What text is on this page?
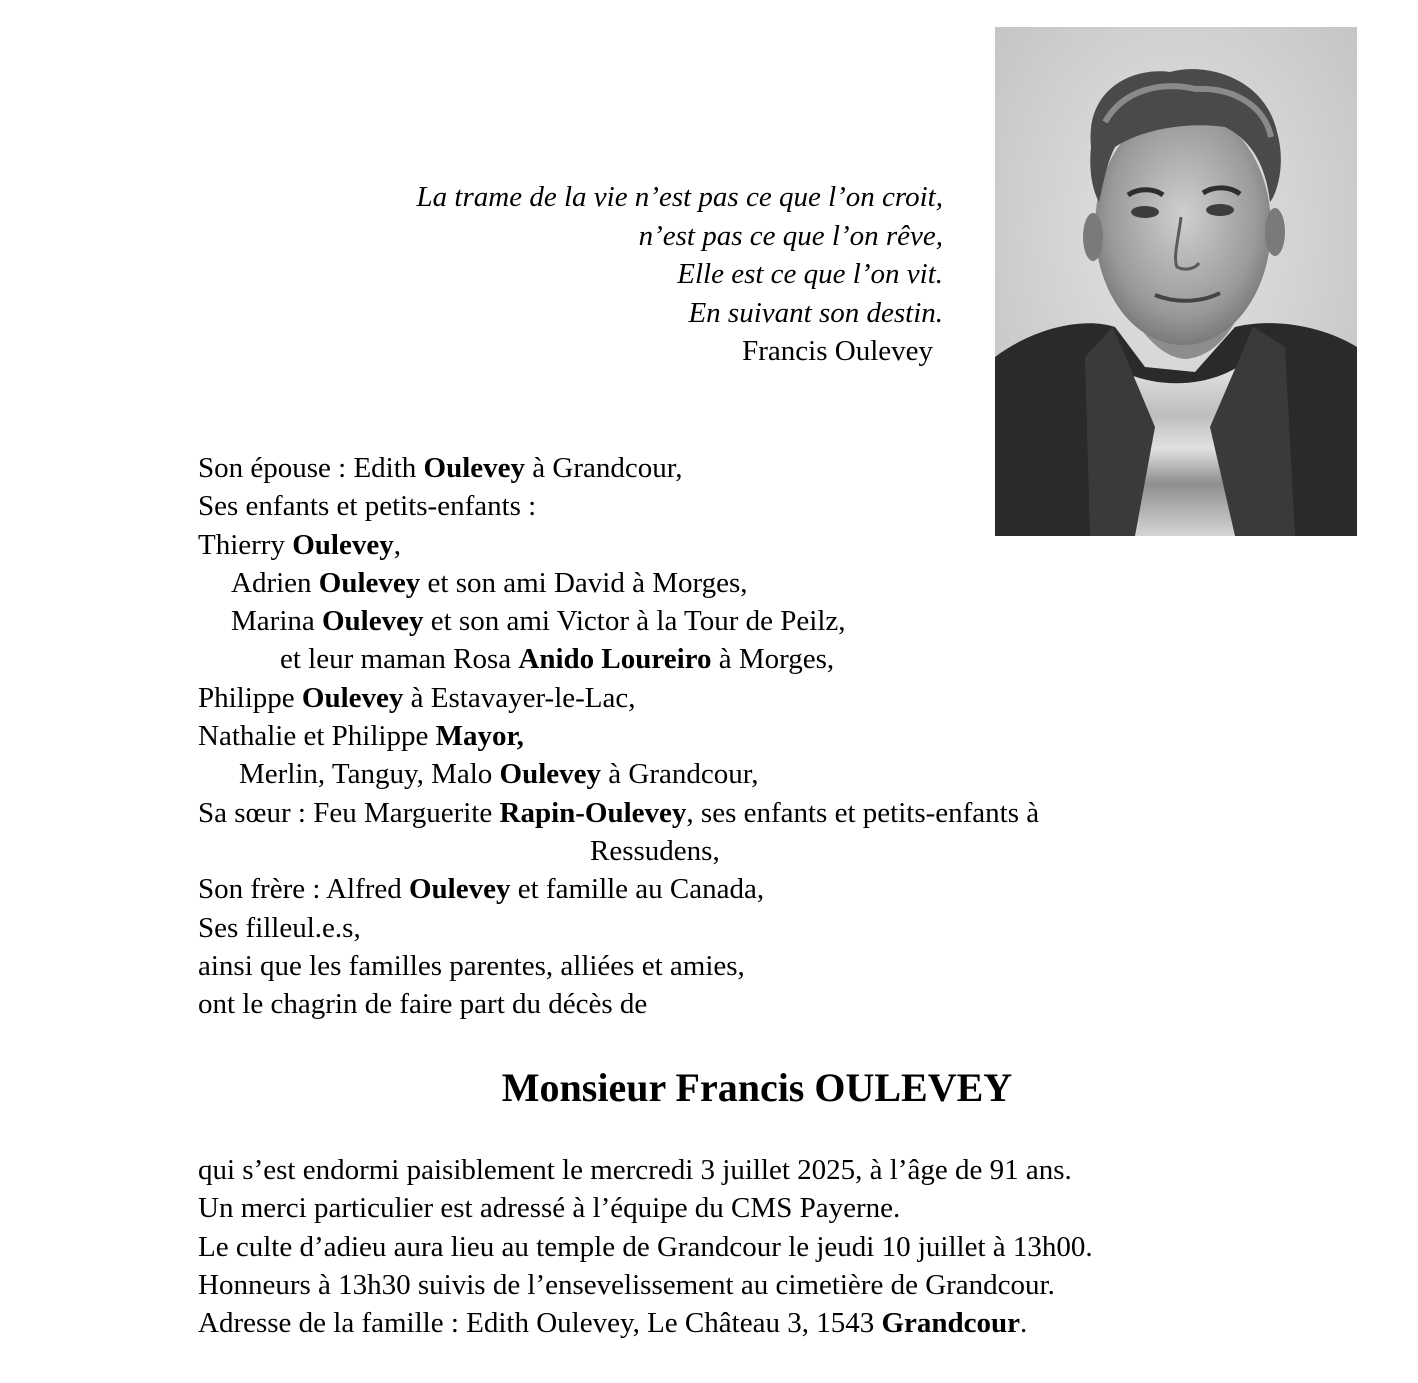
La trame de la vie n’est pas ce que l’on croit,
n’est pas ce que l’on rêve,
Elle est ce que l’on vit.
En suivant son destin.
Francis Oulevey
Son épouse : Edith Oulevey à Grandcour,
Ses enfants et petits-enfants :
Thierry Oulevey,
Adrien Oulevey et son ami David à Morges,
Marina Oulevey et son ami Victor à la Tour de Peilz,
et leur maman Rosa Anido Loureiro à Morges,
Philippe Oulevey à Estavayer-le-Lac,
Nathalie et Philippe Mayor,
Merlin, Tanguy, Malo Oulevey à Grandcour,
Sa sœur : Feu Marguerite Rapin-Oulevey, ses enfants et petits-enfants à
Ressudens,
Son frère : Alfred Oulevey et famille au Canada,
Ses filleul.e.s,
ainsi que les familles parentes, alliées et amies,
ont le chagrin de faire part du décès de
Monsieur Francis OULEVEY
qui s’est endormi paisiblement le mercredi 3 juillet 2025, à l’âge de 91 ans.
Un merci particulier est adressé à l’équipe du CMS Payerne.
Le culte d’adieu aura lieu au temple de Grandcour le jeudi 10 juillet à 13h00.
Honneurs à 13h30 suivis de l’ensevelissement au cimetière de Grandcour.
Adresse de la famille : Edith Oulevey, Le Château 3, 1543 Grandcour.
